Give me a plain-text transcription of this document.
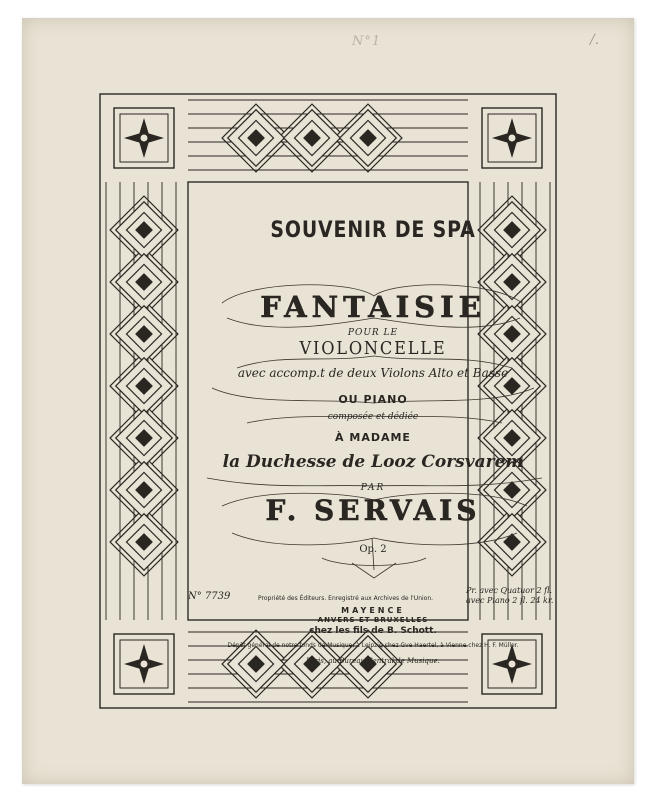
N°1	/.
SOUVENIR DE SPA
FANTAISIE
POUR LE
VIOLONCELLE
avec accomp.t de deux Violons Alto et Basse
OU PIANO
composée et dédiée
À MADAME
la Duchesse de Looz Corsvarem
PAR
F. SERVAIS
Op. 2
N° 7739	Propriété des Éditeurs. Enregistré aux Archives de l'Union.
Pr. avec Quatuor 2 fl.
avec Piano 2 fl. 24 kr.
MAYENCE
ANVERS ET BRUXELLES
chez les fils de B. Schott.
Dépôt général de notre fonds de Musique, à Leipzig chez Gve Haertel, à Vienne chez H. F. Müller.
Paris, au Bureau Central de Musique.
